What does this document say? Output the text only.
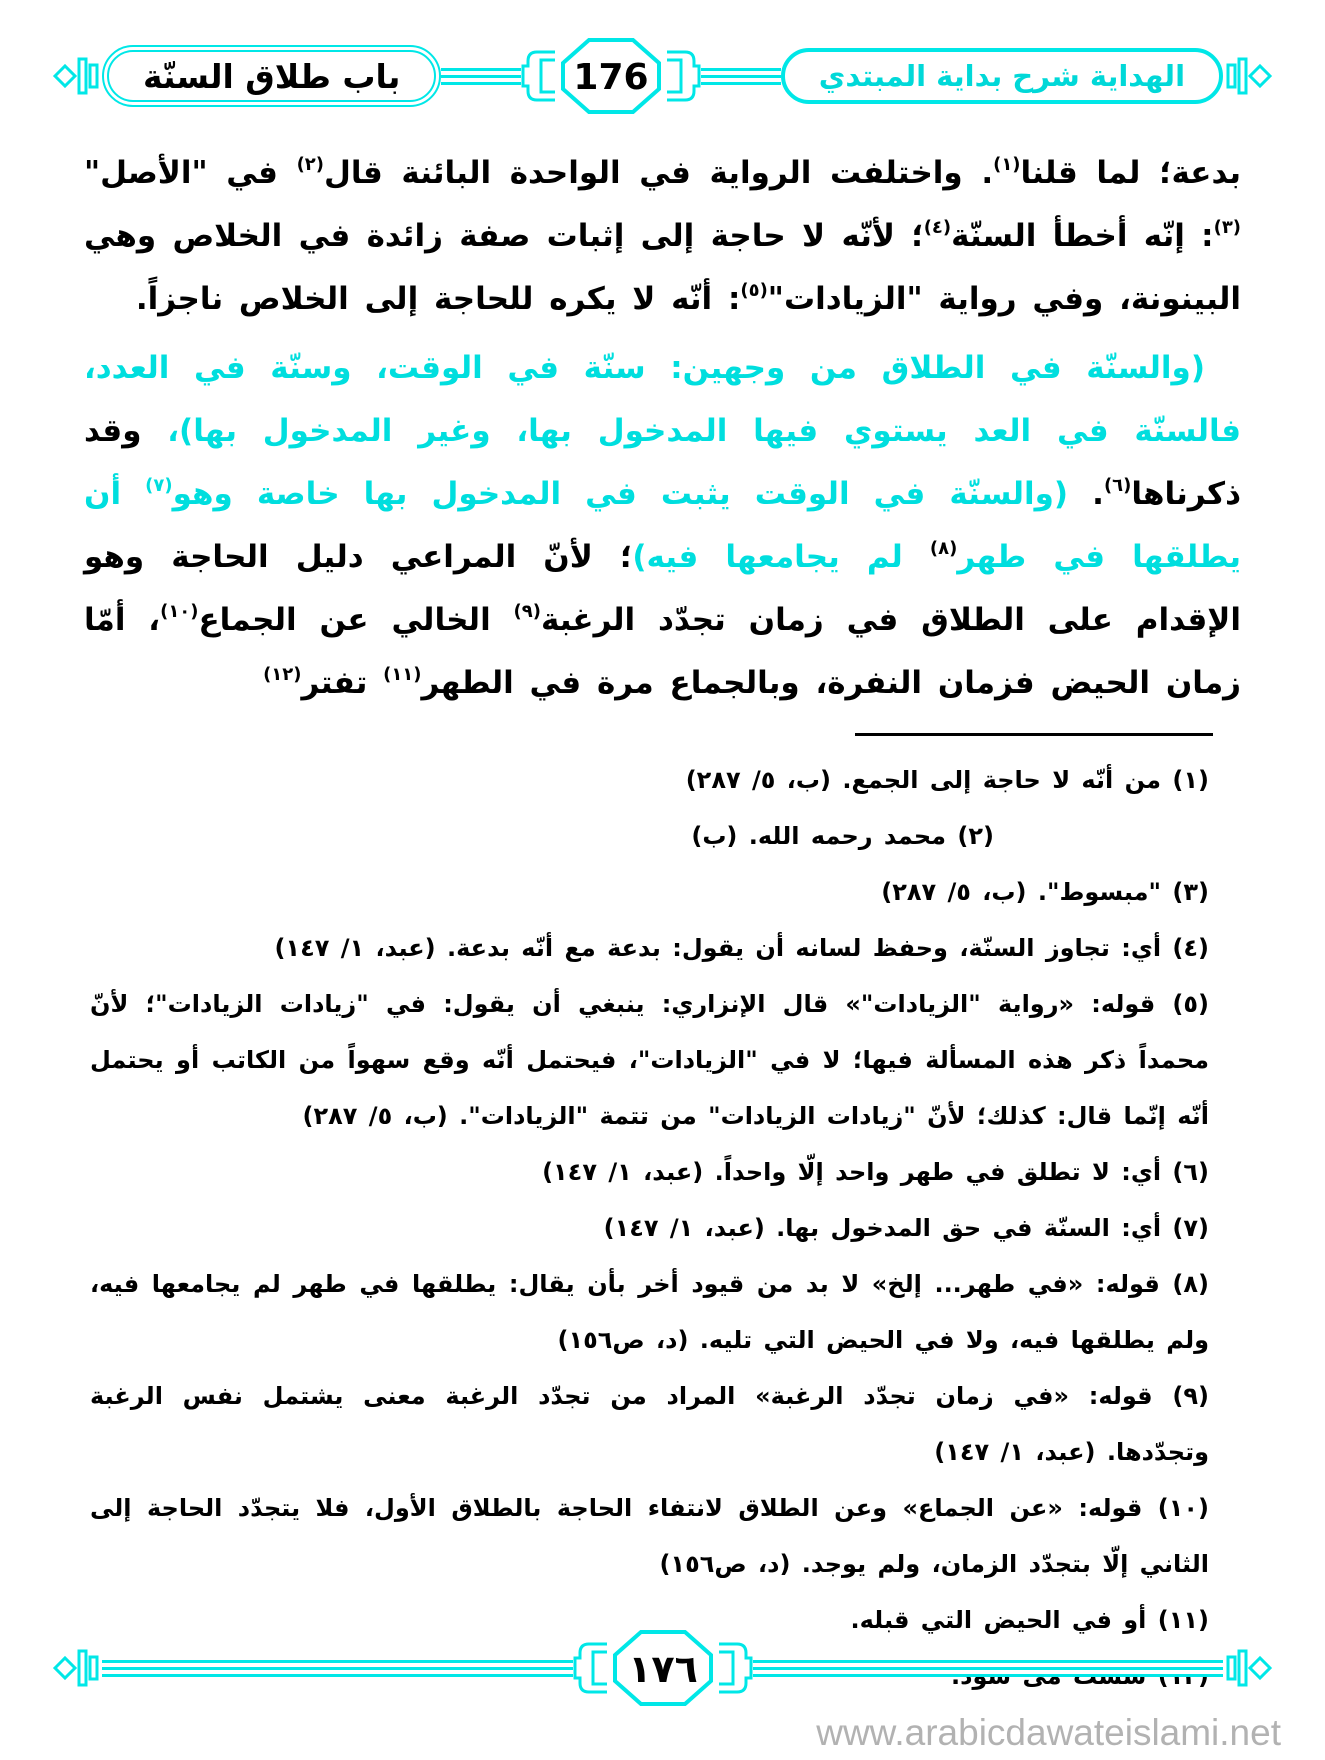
باب طلاق السنّة	176	الهداية شرح بداية المبتدي

بدعة؛ لما قلنا$^{(١)}$. واختلفت الرواية في الواحدة البائنة قال$^{(٢)}$ في "الأصل"$^{(٣)}$: إنّه أخطأ السنّة$^{(٤)}$؛ لأنّه لا حاجة إلى إثبات صفة زائدة في الخلاص وهي البينونة، وفي رواية "الزيادات"$^{(٥)}$: أنّه لا يكره للحاجة إلى الخلاص ناجزاً.

(والسنّة في الطلاق من وجهين: سنّة في الوقت، وسنّة في العدد، فالسنّة في العد يستوي فيها المدخول بها، وغير المدخول بها)، وقد ذكرناها$^{(٦)}$. (والسنّة في الوقت يثبت في المدخول بها خاصة وهو$^{(٧)}$ أن يطلقها في طهر$^{(٨)}$ لم يجامعها فيه)؛ لأنّ المراعي دليل الحاجة وهو الإقدام على الطلاق في زمان تجدّد الرغبة$^{(٩)}$ الخالي عن الجماع$^{(١٠)}$، أمّا زمان الحيض فزمان النفرة، وبالجماع مرة في الطهر$^{(١١)}$ تفتر$^{(١٢)}$

(١) من أنّه لا حاجة إلى الجمع. (ب، ٥/ ٢٨٧)
(٢) محمد رحمه الله. (ب)
(٣) "مبسوط". (ب، ٥/ ٢٨٧)
(٤) أي: تجاوز السنّة، وحفظ لسانه أن يقول: بدعة مع أنّه بدعة. (عبد، ١/ ١٤٧)
(٥) قوله: «رواية "الزيادات"» قال الإنزاري: ينبغي أن يقول: في "زيادات الزيادات"؛ لأنّ محمداً ذكر هذه المسألة فيها؛ لا في "الزيادات"، فيحتمل أنّه وقع سهواً من الكاتب أو يحتمل أنّه إنّما قال: كذلك؛ لأنّ "زيادات الزيادات" من تتمة "الزيادات". (ب، ٥/ ٢٨٧)
(٦) أي: لا تطلق في طهر واحد إلّا واحداً. (عبد، ١/ ١٤٧)
(٧) أي: السنّة في حق المدخول بها. (عبد، ١/ ١٤٧)
(٨) قوله: «في طهر... إلخ» لا بد من قيود أخر بأن يقال: يطلقها في طهر لم يجامعها فيه، ولم يطلقها فيه، ولا في الحيض التي تليه. (د، ص١٥٦)
(٩) قوله: «في زمان تجدّد الرغبة» المراد من تجدّد الرغبة معنى يشتمل نفس الرغبة وتجدّدها. (عبد، ١/ ١٤٧)
(١٠) قوله: «عن الجماع» وعن الطلاق لانتفاء الحاجة بالطلاق الأول، فلا يتجدّد الحاجة إلى الثاني إلّا بتجدّد الزمان، ولم يوجد. (د، ص١٥٦)
(١١) أو في الحيض التي قبله.
١٧٦
www.arabicdawateislami.net
